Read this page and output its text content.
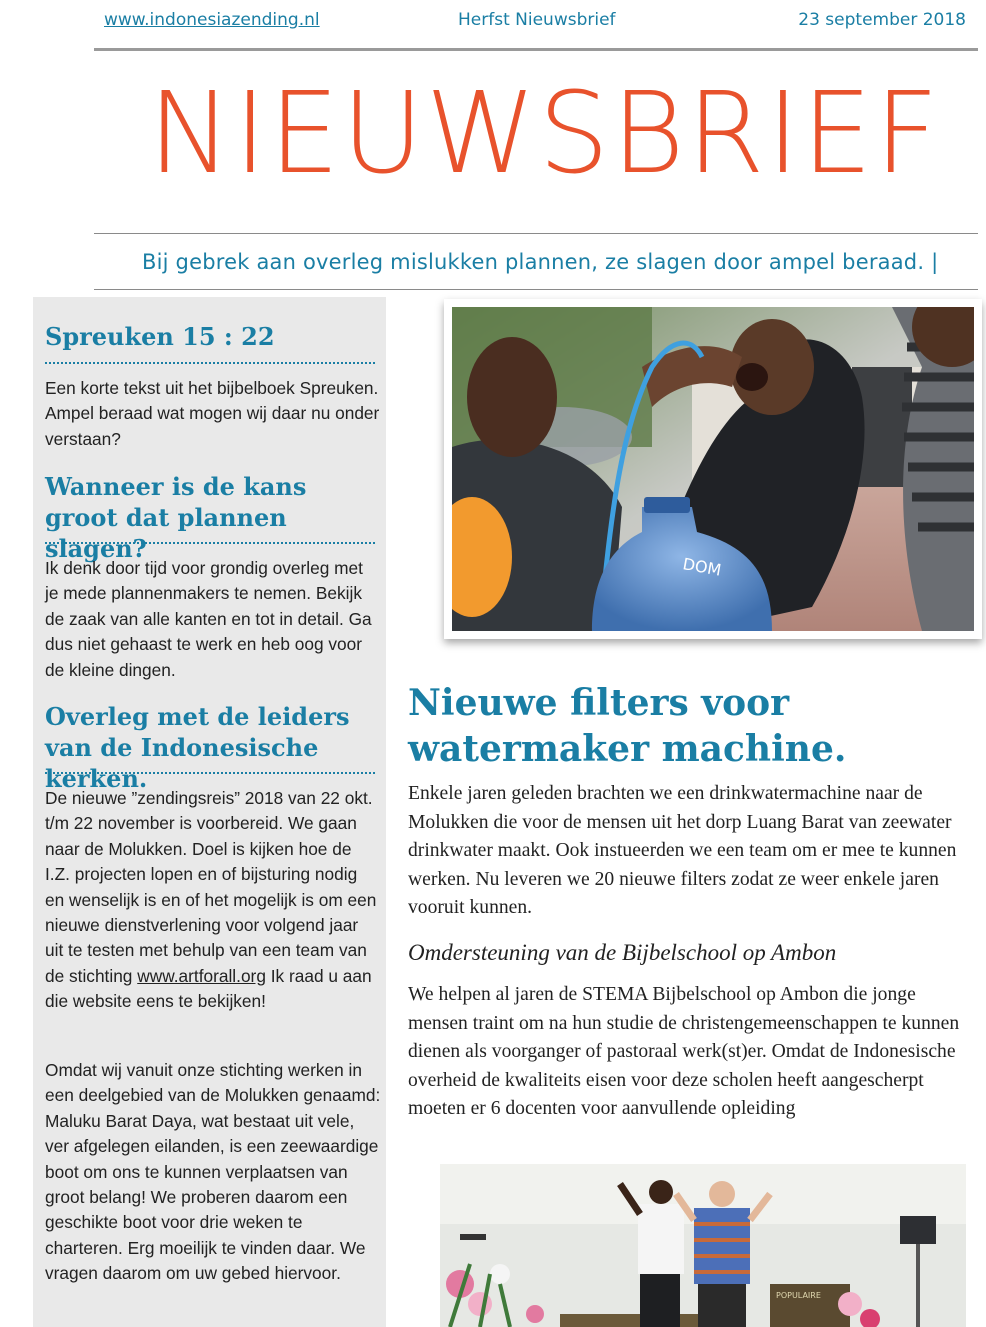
www.indonesiazending.nl	Herfst Nieuwsbrief	23 september 2018
NIEUWSBRIEF
Bij gebrek aan overleg mislukken plannen, ze slagen door ampel beraad. |
Spreuken 15 : 22

Een korte tekst uit het bijbelboek Spreuken. Ampel beraad wat mogen wij daar nu onder verstaan?

Wanneer is de kans groot dat plannen slagen?

Ik denk door tijd voor grondig overleg met je mede plannenmakers te nemen. Bekijk de zaak van alle kanten en tot in detail. Ga dus niet gehaast te werk en heb oog voor de kleine dingen.

Overleg met de leiders van de Indonesische kerken.

De nieuwe ”zendingsreis” 2018 van 22 okt. t/m 22 november is voorbereid. We gaan naar de Molukken. Doel is kijken hoe de I.Z. projecten lopen en of bijsturing nodig en wenselijk is en of het mogelijk is om een nieuwe dienstverlening voor volgend jaar uit te testen met behulp van een team van de stichting www.artforall.org Ik raad u aan die website eens te bekijken!

Omdat wij vanuit onze stichting werken in een deelgebied van de Molukken genaamd: Maluku Barat Daya, wat bestaat uit vele, ver afgelegen eilanden, is een zeewaardige boot om ons te kunnen verplaatsen van groot belang! We proberen daarom een geschikte boot voor drie weken te charteren. Erg moeilijk te vinden daar. We vragen daarom om uw gebed hiervoor.

DOM
Nieuwe filters voor watermaker machine.

Enkele jaren geleden brachten we een drinkwatermachine naar de Molukken die voor de mensen uit het dorp Luang Barat van zeewater drinkwater maakt. Ook instueerden we een team om er mee te kunnen werken. Nu leveren we 20 nieuwe filters zodat ze weer enkele jaren vooruit kunnen.

Omdersteuning van de Bijbelschool op Ambon

We helpen al jaren de STEMA Bijbelschool op Ambon die jonge mensen traint om na hun studie de christengemeenschappen te kunnen dienen als voorganger of pastoraal werk(st)er. Omdat de Indonesische overheid de kwaliteits eisen voor deze scholen heeft aangescherpt moeten er 6 docenten voor aanvullende opleiding

POPULAIRE
